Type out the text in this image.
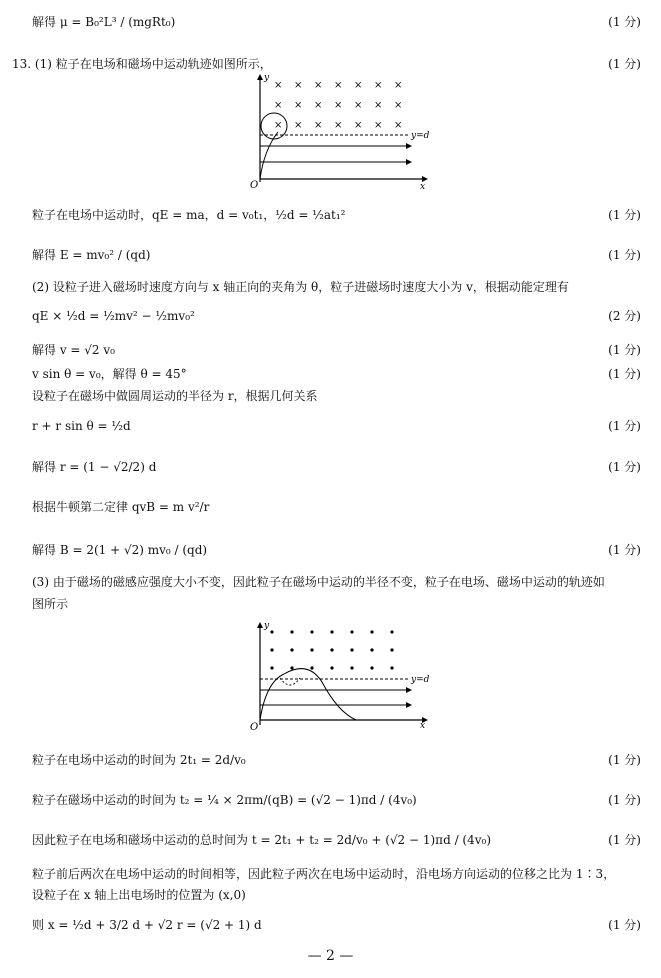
解得 μ = B₀²L³ / (mgRt₀)	(1 分)
13. (1) 粒子在电场和磁场中运动轨迹如图所示，	(1 分)
粒子在电场中运动时，qE = ma，d = v₀t₁，½d = ½at₁²	(1 分)
解得 E = mv₀² / (qd)	(1 分)
(2) 设粒子进入磁场时速度方向与 x 轴正向的夹角为 θ，粒子进磁场时速度大小为 v，根据动能定理有
qE × ½d = ½mv² − ½mv₀²	(2 分)
解得 v = √2 v₀	(1 分)
v sin θ = v₀，解得 θ = 45°	(1 分)
设粒子在磁场中做圆周运动的半径为 r，根据几何关系
r + r sin θ = ½d	(1 分)
解得 r = (1 − √2/2) d	(1 分)
根据牛顿第二定律 qvB = m v²/r
解得 B = 2(1 + √2) mv₀ / (qd)	(1 分)
(3) 由于磁场的磁感应强度大小不变，因此粒子在磁场中运动的半径不变，粒子在电场、磁场中运动的轨迹如
图所示
粒子在电场中运动的时间为 2t₁ = 2d/v₀	(1 分)
粒子在磁场中运动的时间为 t₂ = ¼ × 2πm/(qB) = (√2 − 1)πd / (4v₀)	(1 分)
因此粒子在电场和磁场中运动的总时间为 t = 2t₁ + t₂ = 2d/v₀ + (√2 − 1)πd / (4v₀)	(1 分)
粒子前后两次在电场中运动的时间相等，因此粒子两次在电场中运动时，沿电场方向运动的位移之比为 1∶3，
设粒子在 x 轴上出电场时的位置为 (x,0)
则 x = ½d + 3/2 d + √2 r = (√2 + 1) d	(1 分)
y
x
O
× × × × × × ×
× × × × × × ×
× × × × × × ×
y=d
y
x
O
y=d
— 2 —
